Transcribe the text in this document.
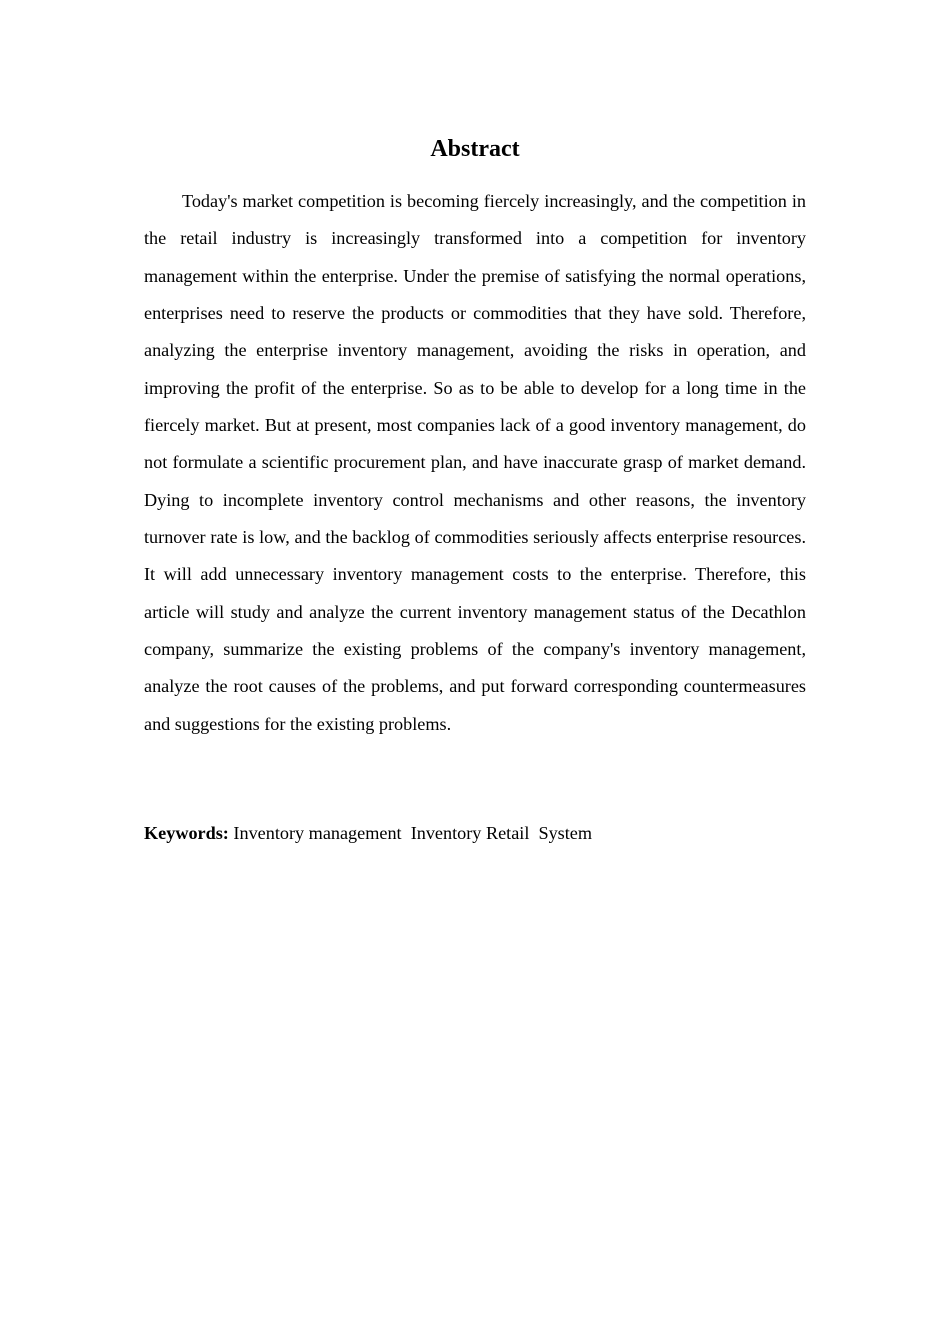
Abstract

Today's market competition is becoming fiercely increasingly, and the competition in the retail industry is increasingly transformed into a competition for inventory management within the enterprise. Under the premise of satisfying the normal operations, enterprises need to reserve the products or commodities that they have sold. Therefore, analyzing the enterprise inventory management, avoiding the risks in operation, and improving the profit of the enterprise. So as to be able to develop for a long time in the fiercely market. But at present, most companies lack of a good inventory management, do not formulate a scientific procurement plan, and have inaccurate grasp of market demand. Dying to incomplete inventory control mechanisms and other reasons, the inventory turnover rate is low, and the backlog of commodities seriously affects enterprise resources. It will add unnecessary inventory management costs to the enterprise. Therefore, this article will study and analyze the current inventory management status of the Decathlon company, summarize the existing problems of the company's inventory management, analyze the root causes of the problems, and put forward corresponding countermeasures and suggestions for the existing problems.

Keywords: Inventory management  Inventory Retail  System
